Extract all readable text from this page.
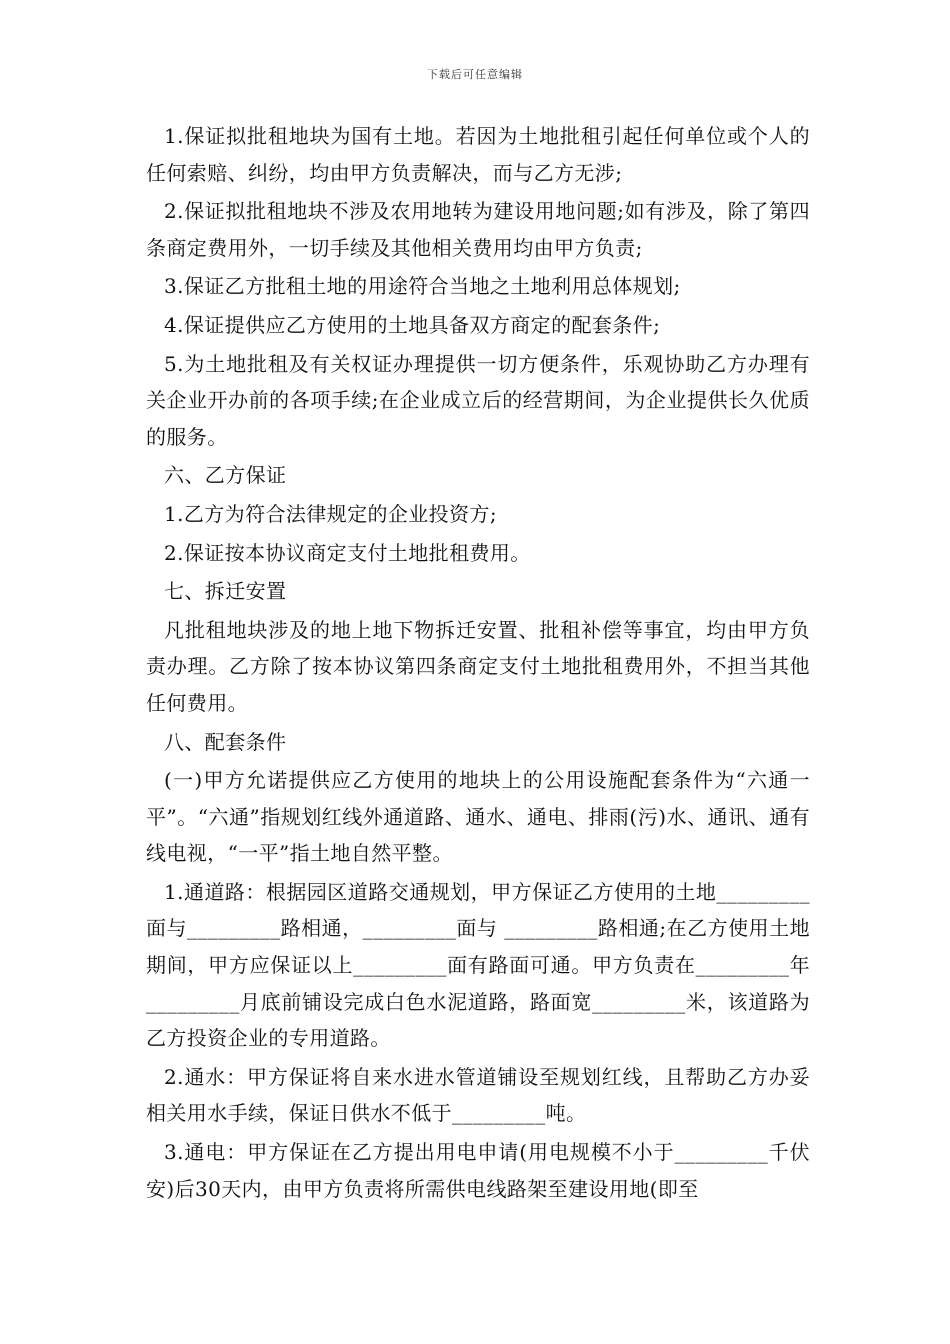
下载后可任意编辑

1.保证拟批租地块为国有土地。若因为土地批租引起任何单位或个人的任何索赔、纠纷，均由甲方负责解决，而与乙方无涉;

2.保证拟批租地块不涉及农用地转为建设用地问题;如有涉及，除了第四条商定费用外，一切手续及其他相关费用均由甲方负责;

3.保证乙方批租土地的用途符合当地之土地利用总体规划;

4.保证提供应乙方使用的土地具备双方商定的配套条件;

5.为土地批租及有关权证办理提供一切方便条件，乐观协助乙方办理有关企业开办前的各项手续;在企业成立后的经营期间，为企业提供长久优质的服务。

六、乙方保证

1.乙方为符合法律规定的企业投资方;

2.保证按本协议商定支付土地批租费用。

七、拆迁安置

凡批租地块涉及的地上地下物拆迁安置、批租补偿等事宜，均由甲方负责办理。乙方除了按本协议第四条商定支付土地批租费用外，不担当其他任何费用。

八、配套条件

(一)甲方允诺提供应乙方使用的地块上的公用设施配套条件为“六通一平”。“六通”指规划红线外通道路、通水、通电、排雨(污)水、通讯、通有线电视，“一平”指土地自然平整。

1.通道路：根据园区道路交通规划，甲方保证乙方使用的土地_________面与_________路相通，_________面与 _________路相通;在乙方使用土地期间，甲方应保证以上_________面有路面可通。甲方负责在_________年_________月底前铺设完成白色水泥道路，路面宽_________米，该道路为乙方投资企业的专用道路。

2.通水：甲方保证将自来水进水管道铺设至规划红线，且帮助乙方办妥相关用水手续，保证日供水不低于_________吨。

3.通电：甲方保证在乙方提出用电申请(用电规模不小于_________千伏安)后30天内，由甲方负责将所需供电线路架至建设用地(即至
